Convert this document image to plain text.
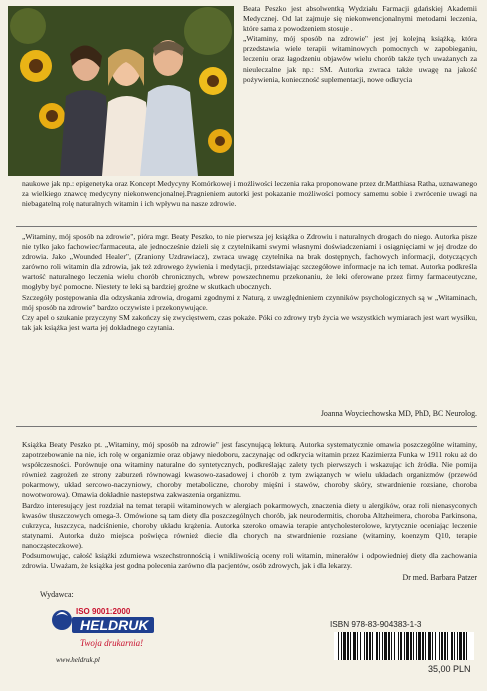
Beata Peszko jest absolwentką Wydziału Farmacji gdańskiej Akademii Medycznej. Od lat zajmuje się niekonwencjonalnymi metodami leczenia, które sama z powodzeniem stosuje .

„Witaminy, mój sposób na zdrowie" jest jej kolejną książką, która przedstawia wiele terapii witaminowych pomocnych w zapobieganiu, leczeniu oraz łagodzeniu objawów wielu chorób także tych uważanych za nieuleczalne jak np.: SM. Autorka zwraca także uwagę na jakość pożywienia, konieczność suplementacji, nowe odkrycia

naukowe jak np.: epigenetyka oraz Koncept Medycyny Komórkowej i możliwości leczenia raka proponowane przez dr.Matthiasa Ratha, uznawanego za wielkiego znawcę medycyny niekonwencjonalnej.Pragnieniem autorki jest pokazanie możliwości pomocy samemu sobie i zwrócenie uwagi na niebagatelną rolę naturalnych witamin i ich wpływu na nasze zdrowie.

„Witaminy, mój sposób na zdrowie", pióra mgr. Beaty Peszko, to nie pierwsza jej książka o Zdrowiu i naturalnych drogach do niego. Autorka pisze nie tylko jako fachowiec/farmaceuta, ale jednocześnie dzieli się z czytelnikami swymi własnymi doświadczeniami i osiągnięciami w jej drodze do zdrowia. Jako „Wounded Healer", (Zraniony Uzdrawiacz), zwraca uwagę czytelnika na brak dostępnych, fachowych informacji, dotyczących zarówno roli witamin dla zdrowia, jak też zdrowego żywienia i medytacji, przedstawiając szczegółowe informacje na ich temat. Autorka podkreśla wartość naturalnego leczenia wielu chorób chronicznych, wbrew powszechnemu przekonaniu, że leki oferowane przez firmy farmaceutyczne, mogłyby być pomocne. Niestety te leki są bardziej groźne w skutkach ubocznych.

Szczegóły postępowania dla odzyskania zdrowia, drogami zgodnymi z Naturą, z uwzględnieniem czynników psychologicznych są w „Witaminach, mój sposób na zdrowie" bardzo oczywiste i przekonywujące.

Czy apel o szukanie przyczyny SM zakończy się zwycięstwem, czas pokaże. Póki co zdrowy tryb życia we wszystkich wymiarach jest wart wysiłku, tak jak książka jest warta jej dokładnego czytania.

Joanna Woyciechowska MD, PhD, BC Neurolog.

Książka Beaty Peszko pt. „Witaminy, mój sposób na zdrowie" jest fascynującą lekturą. Autorka systematycznie omawia poszczególne witaminy, zapotrzebowanie na nie, ich rolę w organizmie oraz objawy niedoboru, zaczynając od odkrycia witamin przez Kazimierza Funka w 1911 roku aż do współczesności. Porównuje ona witaminy naturalne do syntetycznych, podkreślając zalety tych pierwszych i wskazując ich źródła. Nie pomija również zagrożeń ze strony zaburzeń równowagi kwasowo-zasadowej i chorób z tym związanych w wielu układach organizmów (przewód pokarmowy, układ sercowo-naczyniowy, choroby metaboliczne, choroby mięśni i stawów, choroby skóry, stwardnienie rozsiane, choroba nowotworowa). Omawia dokładnie nastepstwa zakwaszenia organizmu.

Bardzo interesujący jest rozdział na temat terapii witaminowych w alergiach pokarmowych, znaczenia diety u alergików, oraz roli nienasyconych kwasów tłuszczowych omega-3. Omówione są tam diety dla poszczególnych chorób, jak neurodermitis, choroba Altzheimera, choroba Parkinsona, cukrzyca, łuszczyca, nadciśnienie, choroby układu krążenia. Autorka szeroko omawia terapie antycholesterolowe, krytycznie oceniając leczenie statynami. Autorka dużo miejsca poświęca również diecie dla chorych na stwardnienie rozsiane (witaminy, koenzym Q10, terapie nanocząsteczkowe).

Podsumowując, całość książki zdumiewa wszechstronnością i wnikliwością oceny roli witamin, minerałów i odpowiedniej diety dla zachowania zdrowia. Uważam, że książka jest godna polecenia zarówno dla pacjentów, osób zdrowych, jak i dla lekarzy.

Dr med. Barbara Patzer
Wydawca:
ISO 9001:2000
HELDRUK
Twoja drukarnia!
www.heldruk.pl
ISBN 978-83-904383-1-3
35,00 PLN
